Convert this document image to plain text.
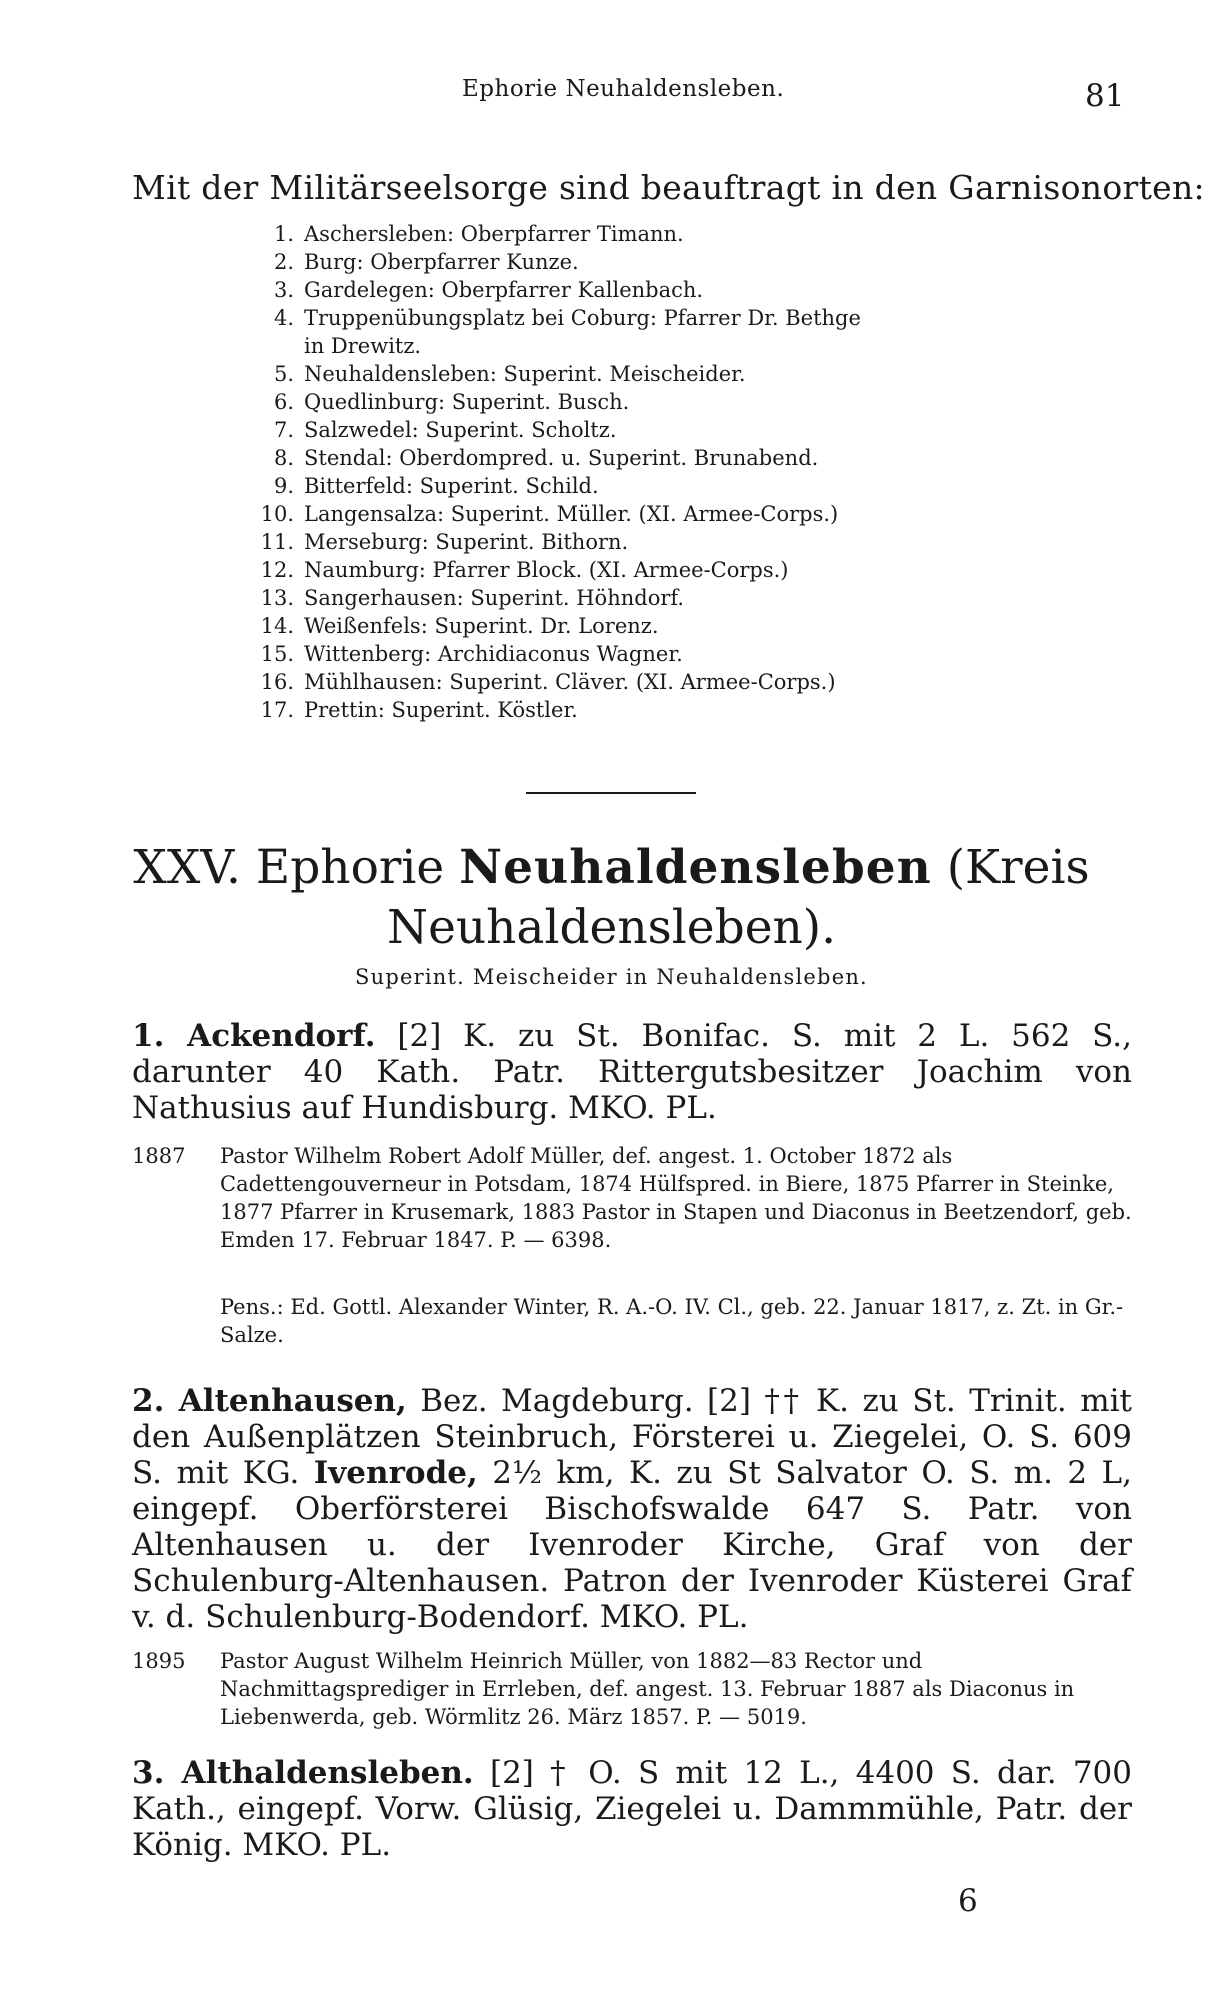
Ephorie Neuhaldensleben.	81
Mit der Militärseelsorge sind beauftragt in den Garnisonorten:
1. Aschersleben: Oberpfarrer Timann.
2. Burg: Oberpfarrer Kunze.
3. Gardelegen: Oberpfarrer Kallenbach.
4. Truppenübungsplatz bei Coburg: Pfarrer Dr. Bethge
in Drewitz.
5. Neuhaldensleben: Superint. Meischeider.
6. Quedlinburg: Superint. Busch.
7. Salzwedel: Superint. Scholtz.
8. Stendal: Oberdompred. u. Superint. Brunabend.
9. Bitterfeld: Superint. Schild.
10. Langensalza: Superint. Müller. (XI. Armee-Corps.)
11. Merseburg: Superint. Bithorn.
12. Naumburg: Pfarrer Block. (XI. Armee-Corps.)
13. Sangerhausen: Superint. Höhndorf.
14. Weißenfels: Superint. Dr. Lorenz.
15. Wittenberg: Archidiaconus Wagner.
16. Mühlhausen: Superint. Cläver. (XI. Armee-Corps.)
17. Prettin: Superint. Köstler.
XXV. Ephorie Neuhaldensleben (Kreis
Neuhaldensleben).
Superint. Meischeider in Neuhaldensleben.

1. Ackendorf. [2] K. zu St. Bonifac. S. mit 2 L. 562 S., darunter 40 Kath. Patr. Rittergutsbesitzer Joachim von Nathusius auf Hundisburg. MKO. PL.

1887	Pastor Wilhelm Robert Adolf Müller, def. angest. 1. October 1872 als Cadettengouverneur in Potsdam, 1874 Hülfspred. in Biere, 1875 Pfarrer in Steinke, 1877 Pfarrer in Krusemark, 1883 Pastor in Stapen und Diaconus in Beetzendorf, geb. Emden 17. Februar 1847. P. — 6398.

Pens.: Ed. Gottl. Alexander Winter, R. A.-O. IV. Cl., geb. 22. Januar 1817, z. Zt. in Gr.-Salze.

2. Altenhausen, Bez. Magdeburg. [2] †† K. zu St. Trinit. mit den Außenplätzen Steinbruch, Försterei u. Ziegelei, O. S. 609 S. mit KG. Ivenrode, 2½ km, K. zu St Salvator O. S. m. 2 L, eingepf. Oberförsterei Bischofswalde 647 S. Patr. von Altenhausen u. der Ivenroder Kirche, Graf von der Schulenburg-Altenhausen. Patron der Ivenroder Küsterei Graf v. d. Schulenburg-Bodendorf. MKO. PL.

1895	Pastor August Wilhelm Heinrich Müller, von 1882—83 Rector und Nachmittagsprediger in Errleben, def. angest. 13. Februar 1887 als Diaconus in Liebenwerda, geb. Wörmlitz 26. März 1857. P. — 5019.

3. Althaldensleben. [2] † O. S mit 12 L., 4400 S. dar. 700 Kath., eingepf. Vorw. Glüsig, Ziegelei u. Dammmühle, Patr. der König. MKO. PL.

6
